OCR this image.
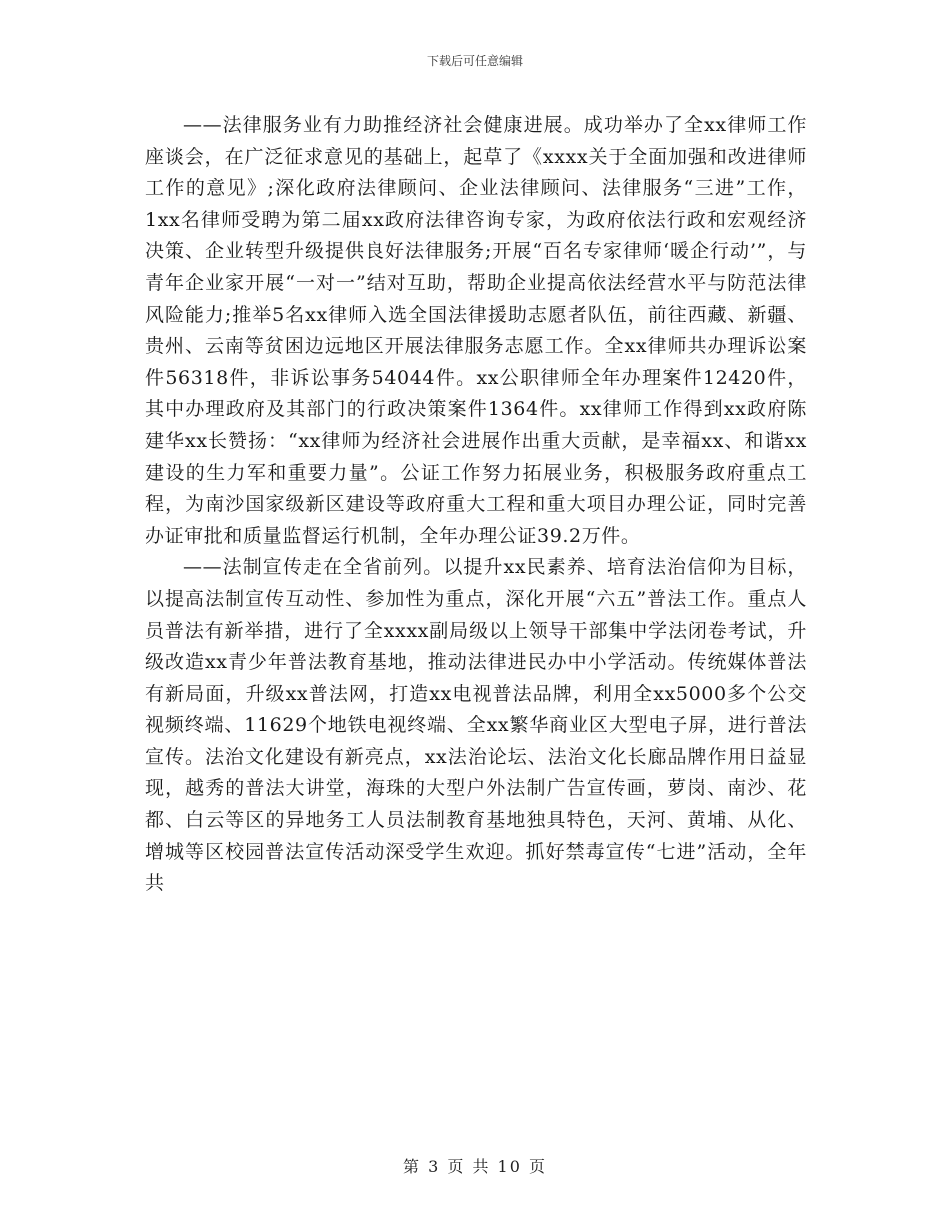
下载后可任意编辑

——法律服务业有力助推经济社会健康进展。成功举办了全xx律师工作座谈会，在广泛征求意见的基础上，起草了《xxxx关于全面加强和改进律师工作的意见》;深化政府法律顾问、企业法律顾问、法律服务“三进”工作，1xx名律师受聘为第二届xx政府法律咨询专家，为政府依法行政和宏观经济决策、企业转型升级提供良好法律服务;开展“百名专家律师‘暖企行动’”，与青年企业家开展“一对一”结对互助，帮助企业提高依法经营水平与防范法律风险能力;推举5名xx律师入选全国法律援助志愿者队伍，前往西藏、新疆、贵州、云南等贫困边远地区开展法律服务志愿工作。全xx律师共办理诉讼案件56318件，非诉讼事务54044件。xx公职律师全年办理案件12420件，其中办理政府及其部门的行政决策案件1364件。xx律师工作得到xx政府陈建华xx长赞扬：“xx律师为经济社会进展作出重大贡献，是幸福xx、和谐xx建设的生力军和重要力量”。公证工作努力拓展业务，积极服务政府重点工程，为南沙国家级新区建设等政府重大工程和重大项目办理公证，同时完善办证审批和质量监督运行机制，全年办理公证39.2万件。

——法制宣传走在全省前列。以提升xx民素养、培育法治信仰为目标，以提高法制宣传互动性、参加性为重点，深化开展“六五”普法工作。重点人员普法有新举措，进行了全xxxx副局级以上领导干部集中学法闭卷考试，升级改造xx青少年普法教育基地，推动法律进民办中小学活动。传统媒体普法有新局面，升级xx普法网，打造xx电视普法品牌，利用全xx5000多个公交视频终端、11629个地铁电视终端、全xx繁华商业区大型电子屏，进行普法宣传。法治文化建设有新亮点，xx法治论坛、法治文化长廊品牌作用日益显现，越秀的普法大讲堂，海珠的大型户外法制广告宣传画，萝岗、南沙、花都、白云等区的异地务工人员法制教育基地独具特色，天河、黄埔、从化、增城等区校园普法宣传活动深受学生欢迎。抓好禁毒宣传“七进”活动，全年共

第 3 页 共 10 页
